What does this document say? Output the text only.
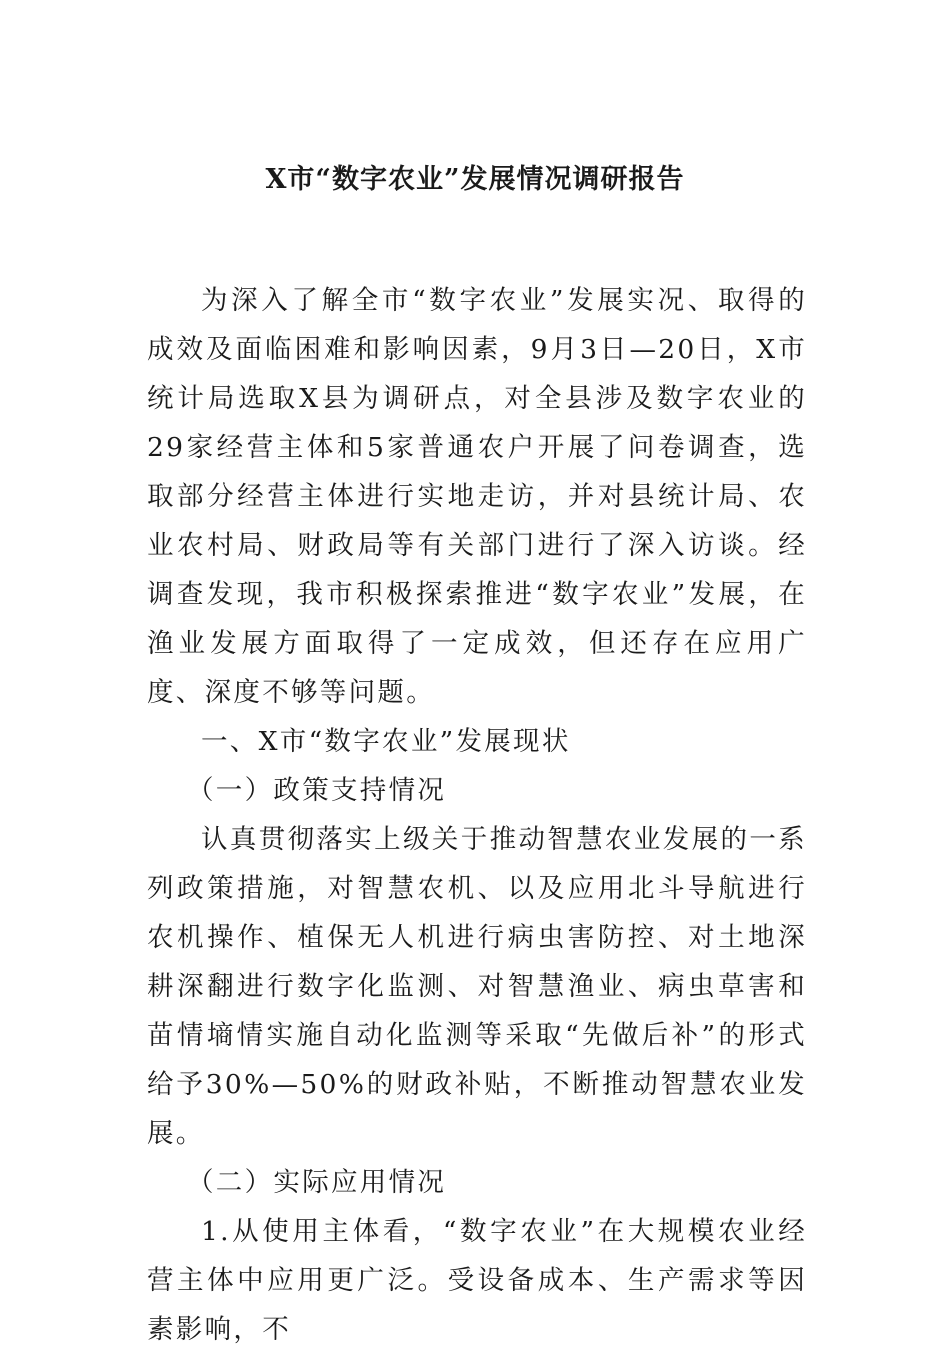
X市“数字农业”发展情况调研报告

为深入了解全市“数字农业”发展实况、取得的成效及面临困难和影响因素，9月3日—20日，X市统计局选取X县为调研点，对全县涉及数字农业的29家经营主体和5家普通农户开展了问卷调查，选取部分经营主体进行实地走访，并对县统计局、农业农村局、财政局等有关部门进行了深入访谈。经调查发现，我市积极探索推进“数字农业”发展，在渔业发展方面取得了一定成效，但还存在应用广度、深度不够等问题。

一、X市“数字农业”发展现状

（一）政策支持情况

认真贯彻落实上级关于推动智慧农业发展的一系列政策措施，对智慧农机、以及应用北斗导航进行农机操作、植保无人机进行病虫害防控、对土地深耕深翻进行数字化监测、对智慧渔业、病虫草害和苗情墒情实施自动化监测等采取“先做后补”的形式给予30%—50%的财政补贴，不断推动智慧农业发展。

（二）实际应用情况

1.从使用主体看，“数字农业”在大规模农业经营主体中应用更广泛。受设备成本、生产需求等因素影响，不
